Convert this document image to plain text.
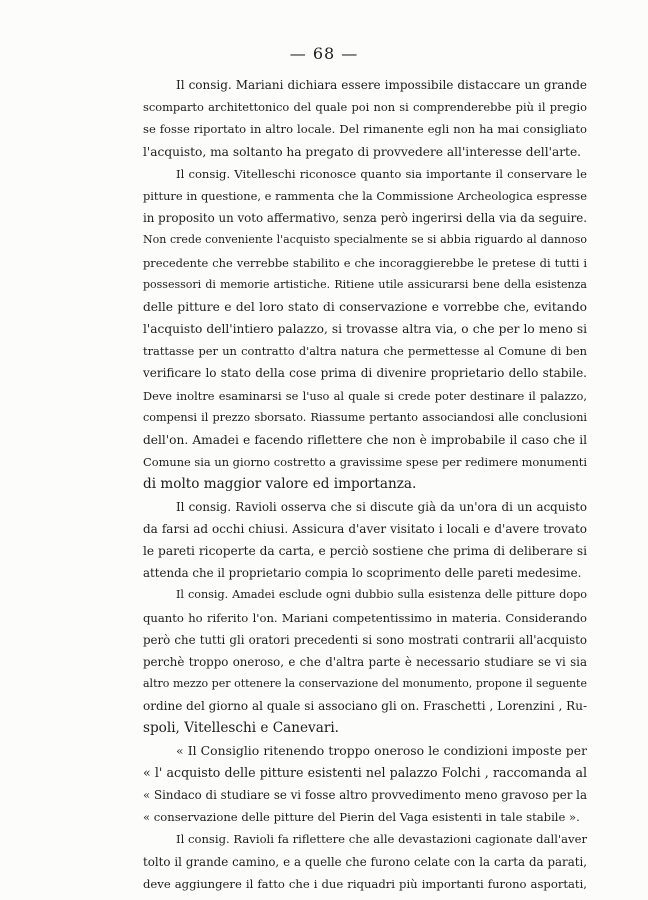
— 68 —
Il consig. Mariani dichiara essere impossibile distaccare un grande
scomparto architettonico del quale poi non si comprenderebbe più il pregio
se fosse riportato in altro locale. Del rimanente egli non ha mai consigliato
l'acquisto, ma soltanto ha pregato di provvedere all'interesse dell'arte.
Il consig. Vitelleschi riconosce quanto sia importante il conservare le
pitture in questione, e rammenta che la Commissione Archeologica espresse
in proposito un voto affermativo, senza però ingerirsi della via da seguire.
Non crede conveniente l'acquisto specialmente se si abbia riguardo al dannoso
precedente che verrebbe stabilito e che incoraggierebbe le pretese di tutti i
possessori di memorie artistiche. Ritiene utile assicurarsi bene della esistenza
delle pitture e del loro stato di conservazione e vorrebbe che, evitando
l'acquisto dell'intiero palazzo, si trovasse altra via, o che per lo meno si
trattasse per un contratto d'altra natura che permettesse al Comune di ben
verificare lo stato della cose prima di divenire proprietario dello stabile.
Deve inoltre esaminarsi se l'uso al quale si crede poter destinare il palazzo,
compensi il prezzo sborsato. Riassume pertanto associandosi alle conclusioni
dell'on. Amadei e facendo riflettere che non è improbabile il caso che il
Comune sia un giorno costretto a gravissime spese per redimere monumenti
di molto maggior valore ed importanza.
Il consig. Ravioli osserva che si discute già da un'ora di un acquisto
da farsi ad occhi chiusi. Assicura d'aver visitato i locali e d'avere trovato
le pareti ricoperte da carta, e perciò sostiene che prima di deliberare si
attenda che il proprietario compia lo scoprimento delle pareti medesime.
Il consig. Amadei esclude ogni dubbio sulla esistenza delle pitture dopo
quanto ho riferito l'on. Mariani competentissimo in materia. Considerando
però che tutti gli oratori precedenti si sono mostrati contrarii all'acquisto
perchè troppo oneroso, e che d'altra parte è necessario studiare se vi sia
altro mezzo per ottenere la conservazione del monumento, propone il seguente
ordine del giorno al quale si associano gli on. Fraschetti , Lorenzini , Ru-
spoli, Vitelleschi e Canevari.
« Il Consiglio ritenendo troppo oneroso le condizioni imposte per
« l' acquisto delle pitture esistenti nel palazzo Folchi , raccomanda al
« Sindaco di studiare se vi fosse altro provvedimento meno gravoso per la
« conservazione delle pitture del Pierin del Vaga esistenti in tale stabile ».
Il consig. Ravioli fa riflettere che alle devastazioni cagionate dall'aver
tolto il grande camino, e a quelle che furono celate con la carta da parati,
deve aggiungere il fatto che i due riquadri più importanti furono asportati,
